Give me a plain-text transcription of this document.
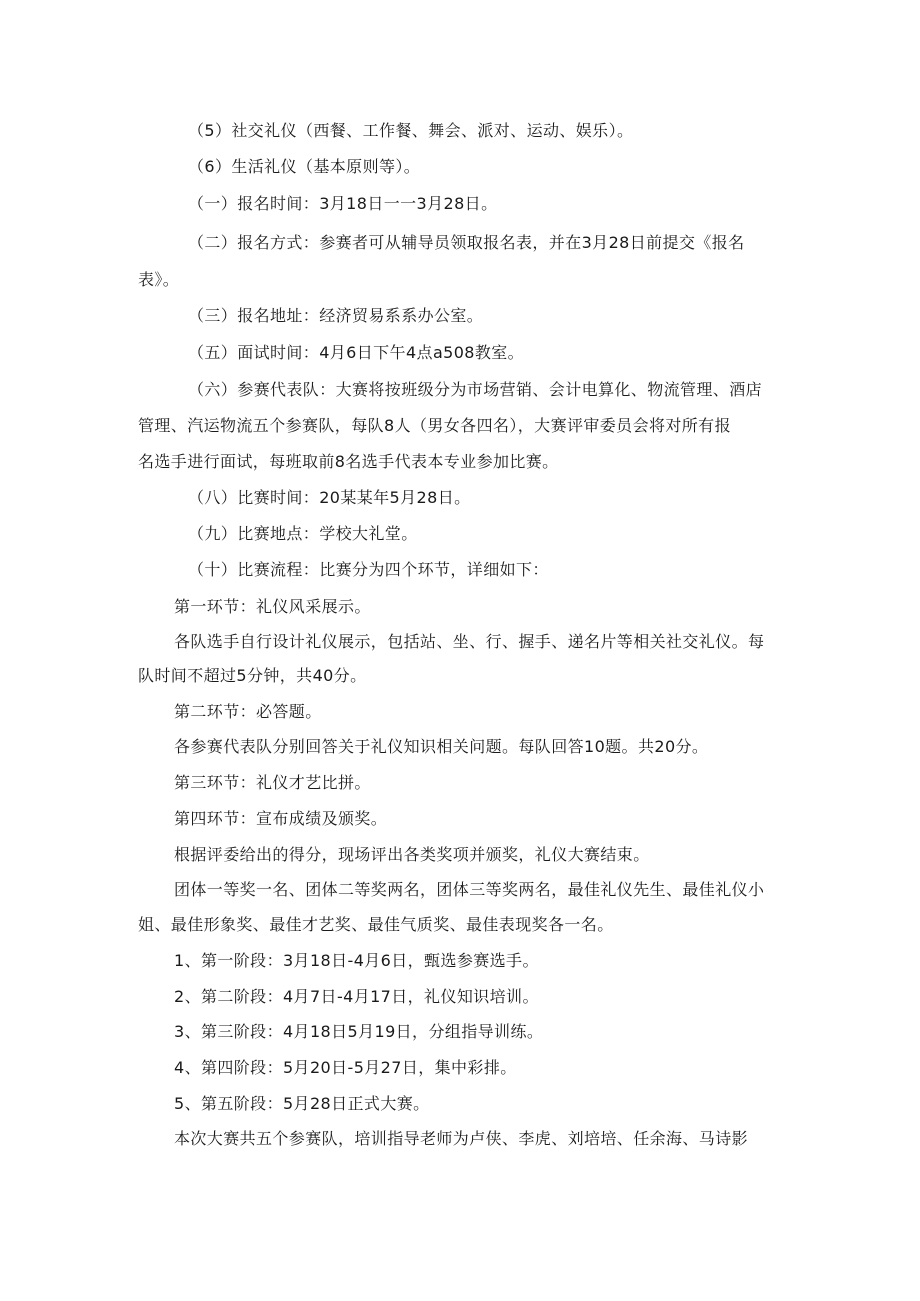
（5）社交礼仪（西餐、工作餐、舞会、派对、运动、娱乐）。

（6）生活礼仪（基本原则等）。

（一）报名时间：3月18日一一3月28日。

（二）报名方式：参赛者可从辅导员领取报名表，并在3月28日前提交《报名

表》。

（三）报名地址：经济贸易系系办公室。

（五）面试时间：4月6日下午4点a508教室。

（六）参赛代表队：大赛将按班级分为市场营销、会计电算化、物流管理、酒店

管理、汽运物流五个参赛队，每队8人（男女各四名），大赛评审委员会将对所有报

名选手进行面试，每班取前8名选手代表本专业参加比赛。

（八）比赛时间：20某某年5月28日。

（九）比赛地点：学校大礼堂。

（十）比赛流程：比赛分为四个环节，详细如下：

第一环节：礼仪风采展示。

各队选手自行设计礼仪展示，包括站、坐、行、握手、递名片等相关社交礼仪。每

队时间不超过5分钟，共40分。

第二环节：必答题。

各参赛代表队分别回答关于礼仪知识相关问题。每队回答10题。共20分。

第三环节：礼仪才艺比拼。

第四环节：宣布成绩及颁奖。

根据评委给出的得分，现场评出各类奖项并颁奖，礼仪大赛结束。

团体一等奖一名、团体二等奖两名，团体三等奖两名，最佳礼仪先生、最佳礼仪小

姐、最佳形象奖、最佳才艺奖、最佳气质奖、最佳表现奖各一名。

1、第一阶段：3月18日-4月6日，甄选参赛选手。

2、第二阶段：4月7日-4月17日，礼仪知识培训。

3、第三阶段：4月18日5月19日，分组指导训练。

4、第四阶段：5月20日-5月27日，集中彩排。

5、第五阶段：5月28日正式大赛。

本次大赛共五个参赛队，培训指导老师为卢侠、李虎、刘培培、任余海、马诗影
